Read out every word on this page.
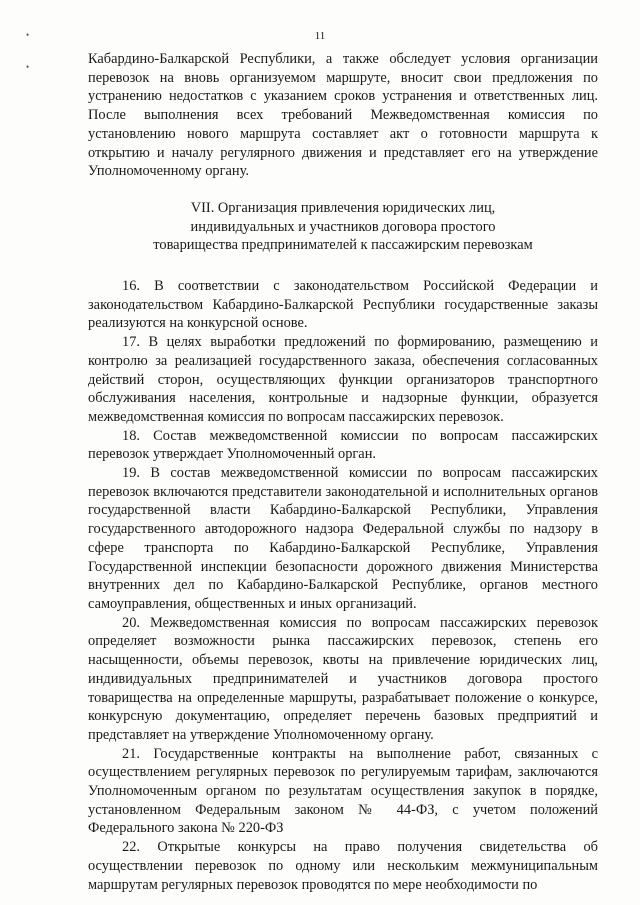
•
•
11

Кабардино-Балкарской Республики, а также обследует условия организации перевозок на вновь организуемом маршруте, вносит свои предложения по устранению недостатков с указанием сроков устранения и ответственных лиц. После выполнения всех требований Межведомственная комиссия по установлению нового маршрута составляет акт о готовности маршрута к открытию и началу регулярного движения и представляет его на утверждение Уполномоченному органу.

VII. Организация привлечения юридических лиц,
индивидуальных и участников договора простого
товарищества предпринимателей к пассажирским перевозкам

16. В соответствии с законодательством Российской Федерации и законодательством Кабардино-Балкарской Республики государственные заказы реализуются на конкурсной основе.

17. В целях выработки предложений по формированию, размещению и контролю за реализацией государственного заказа, обеспечения согласованных действий сторон, осуществляющих функции организаторов транспортного обслуживания населения, контрольные и надзорные функции, образуется межведомственная комиссия по вопросам пассажирских перевозок.

18. Состав межведомственной комиссии по вопросам пассажирских перевозок утверждает Уполномоченный орган.

19. В состав межведомственной комиссии по вопросам пассажирских перевозок включаются представители законодательной и исполнительных органов государственной власти Кабардино-Балкарской Республики, Управления государственного автодорожного надзора Федеральной службы по надзору в сфере транспорта по Кабардино-Балкарской Республике, Управления Государственной инспекции безопасности дорожного движения Министерства внутренних дел по Кабардино-Балкарской Республике, органов местного самоуправления, общественных и иных организаций.

20. Межведомственная комиссия по вопросам пассажирских перевозок определяет возможности рынка пассажирских перевозок, степень его насыщенности, объемы перевозок, квоты на привлечение юридических лиц, индивидуальных предпринимателей и участников договора простого товарищества на определенные маршруты, разрабатывает положение о конкурсе, конкурсную документацию, определяет перечень базовых предприятий и представляет на утверждение Уполномоченному органу.

21. Государственные контракты на выполнение работ, связанных с осуществлением регулярных перевозок по регулируемым тарифам, заключаются Уполномоченным органом по результатам осуществления закупок в порядке, установленном Федеральным законом № 44-ФЗ, с учетом положений Федерального закона № 220-ФЗ

22. Открытые конкурсы на право получения свидетельства об осуществлении перевозок по одному или нескольким межмуниципальным маршрутам регулярных перевозок проводятся по мере необходимости по
